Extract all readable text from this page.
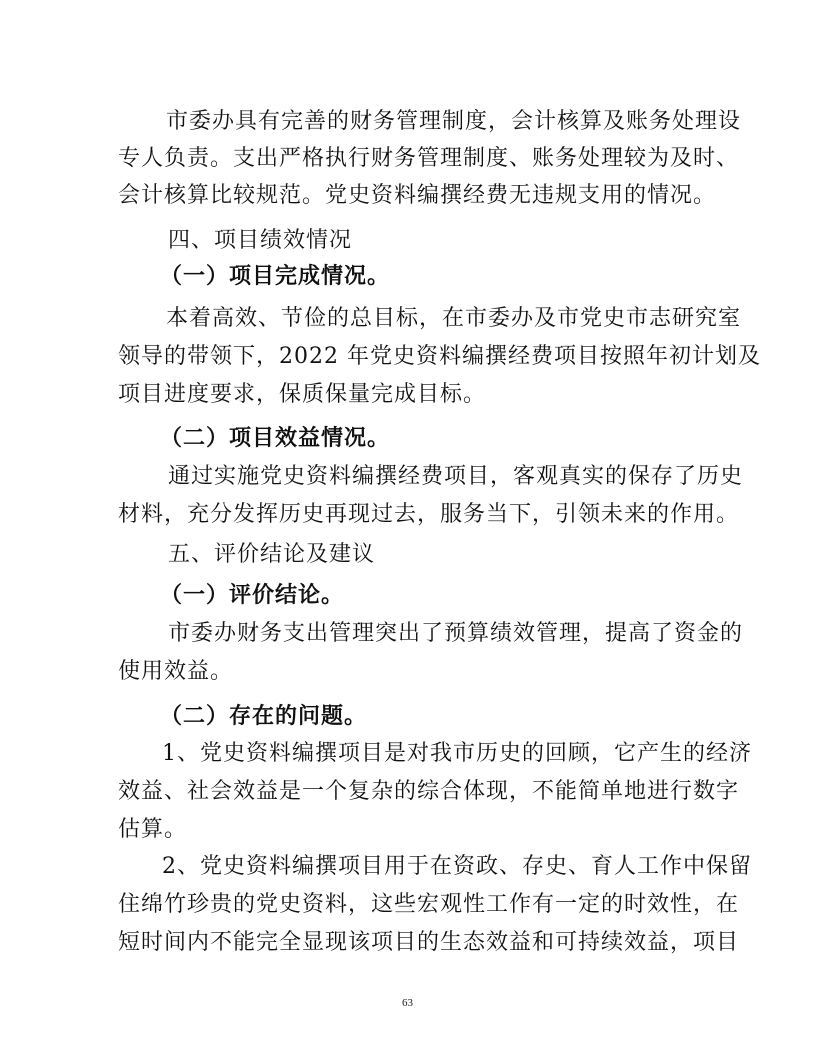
市委办具有完善的财务管理制度，会计核算及账务处理设
专人负责。支出严格执行财务管理制度、账务处理较为及时、
会计核算比较规范。党史资料编撰经费无违规支用的情况。
四、项目绩效情况
（一）项目完成情况。
本着高效、节俭的总目标，在市委办及市党史市志研究室
领导的带领下，2022 年党史资料编撰经费项目按照年初计划及
项目进度要求，保质保量完成目标。
（二）项目效益情况。
通过实施党史资料编撰经费项目，客观真实的保存了历史
材料，充分发挥历史再现过去，服务当下，引领未来的作用。
五、评价结论及建议
（一）评价结论。
市委办财务支出管理突出了预算绩效管理，提高了资金的
使用效益。
（二）存在的问题。
1、党史资料编撰项目是对我市历史的回顾，它产生的经济
效益、社会效益是一个复杂的综合体现，不能简单地进行数字
估算。
2、党史资料编撰项目用于在资政、存史、育人工作中保留
住绵竹珍贵的党史资料，这些宏观性工作有一定的时效性，在
短时间内不能完全显现该项目的生态效益和可持续效益，项目
63
